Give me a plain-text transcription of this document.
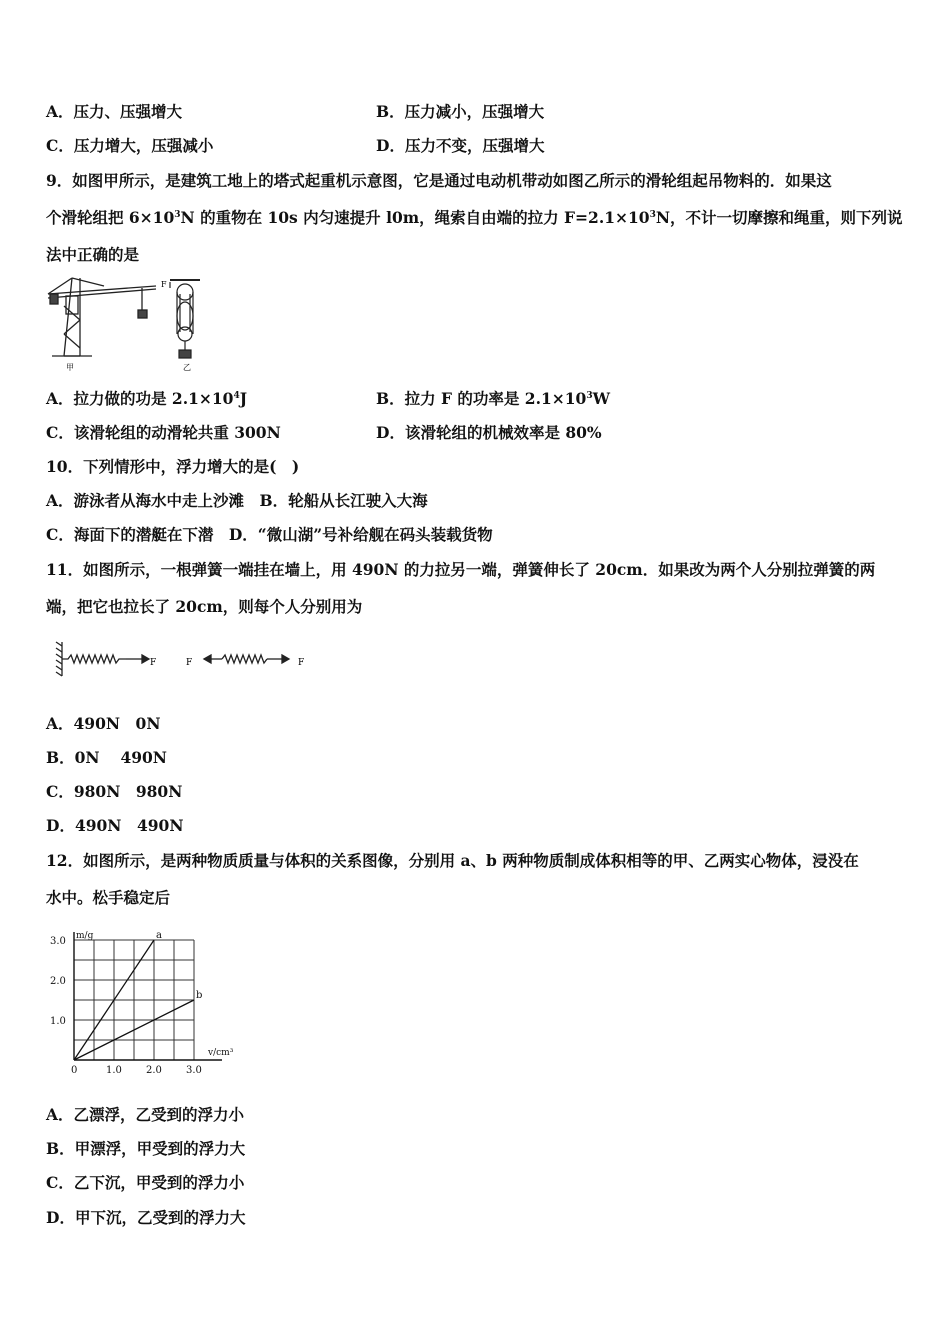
A．压力、压强增大	B．压力减小，压强增大
C．压力增大，压强减小	D．压力不变，压强增大
9．如图甲所示，是建筑工地上的塔式起重机示意图，它是通过电动机带动如图乙所示的滑轮组起吊物料的．如果这
个滑轮组把 $6\times 10^3N$ 的重物在 10s 内匀速提升 l0m，绳索自由端的拉力 $F=2.1\times 10^3N$，不计一切摩擦和绳重，则下列说
法中正确的是
甲
F
乙
A．拉力做的功是 $2.1\times 10^4J$	B．拉力 F 的功率是 $2.1\times 10^3W$
C．该滑轮组的动滑轮共重 300N	D．该滑轮组的机械效率是 80%
10．下列情形中，浮力增大的是(　)
A．游泳者从海水中走上沙滩　B．轮船从长江驶入大海
C．海面下的潜艇在下潜　D．“微山湖”号补给舰在码头装载货物
11．如图所示，一根弹簧一端挂在墙上，用 490N 的力拉另一端，弹簧伸长了 20cm．如果改为两个人分别拉弹簧的两
端，把它也拉长了 20cm，则每个人分别用为
F	F	F
A．490N　0N
B．0N　 490N
C．980N　980N
D．490N　490N
12．如图所示，是两种物质质量与体积的关系图像，分别用 a、b 两种物质制成体积相等的甲、乙两实心物体，浸没在
水中。松手稳定后
a
b
0	1.0 2.0 3.0
1.0
2.0
3.0
v/cm³
m/g
A．乙漂浮，乙受到的浮力小
B．甲漂浮，甲受到的浮力大
C．乙下沉，甲受到的浮力小
D．甲下沉，乙受到的浮力大
